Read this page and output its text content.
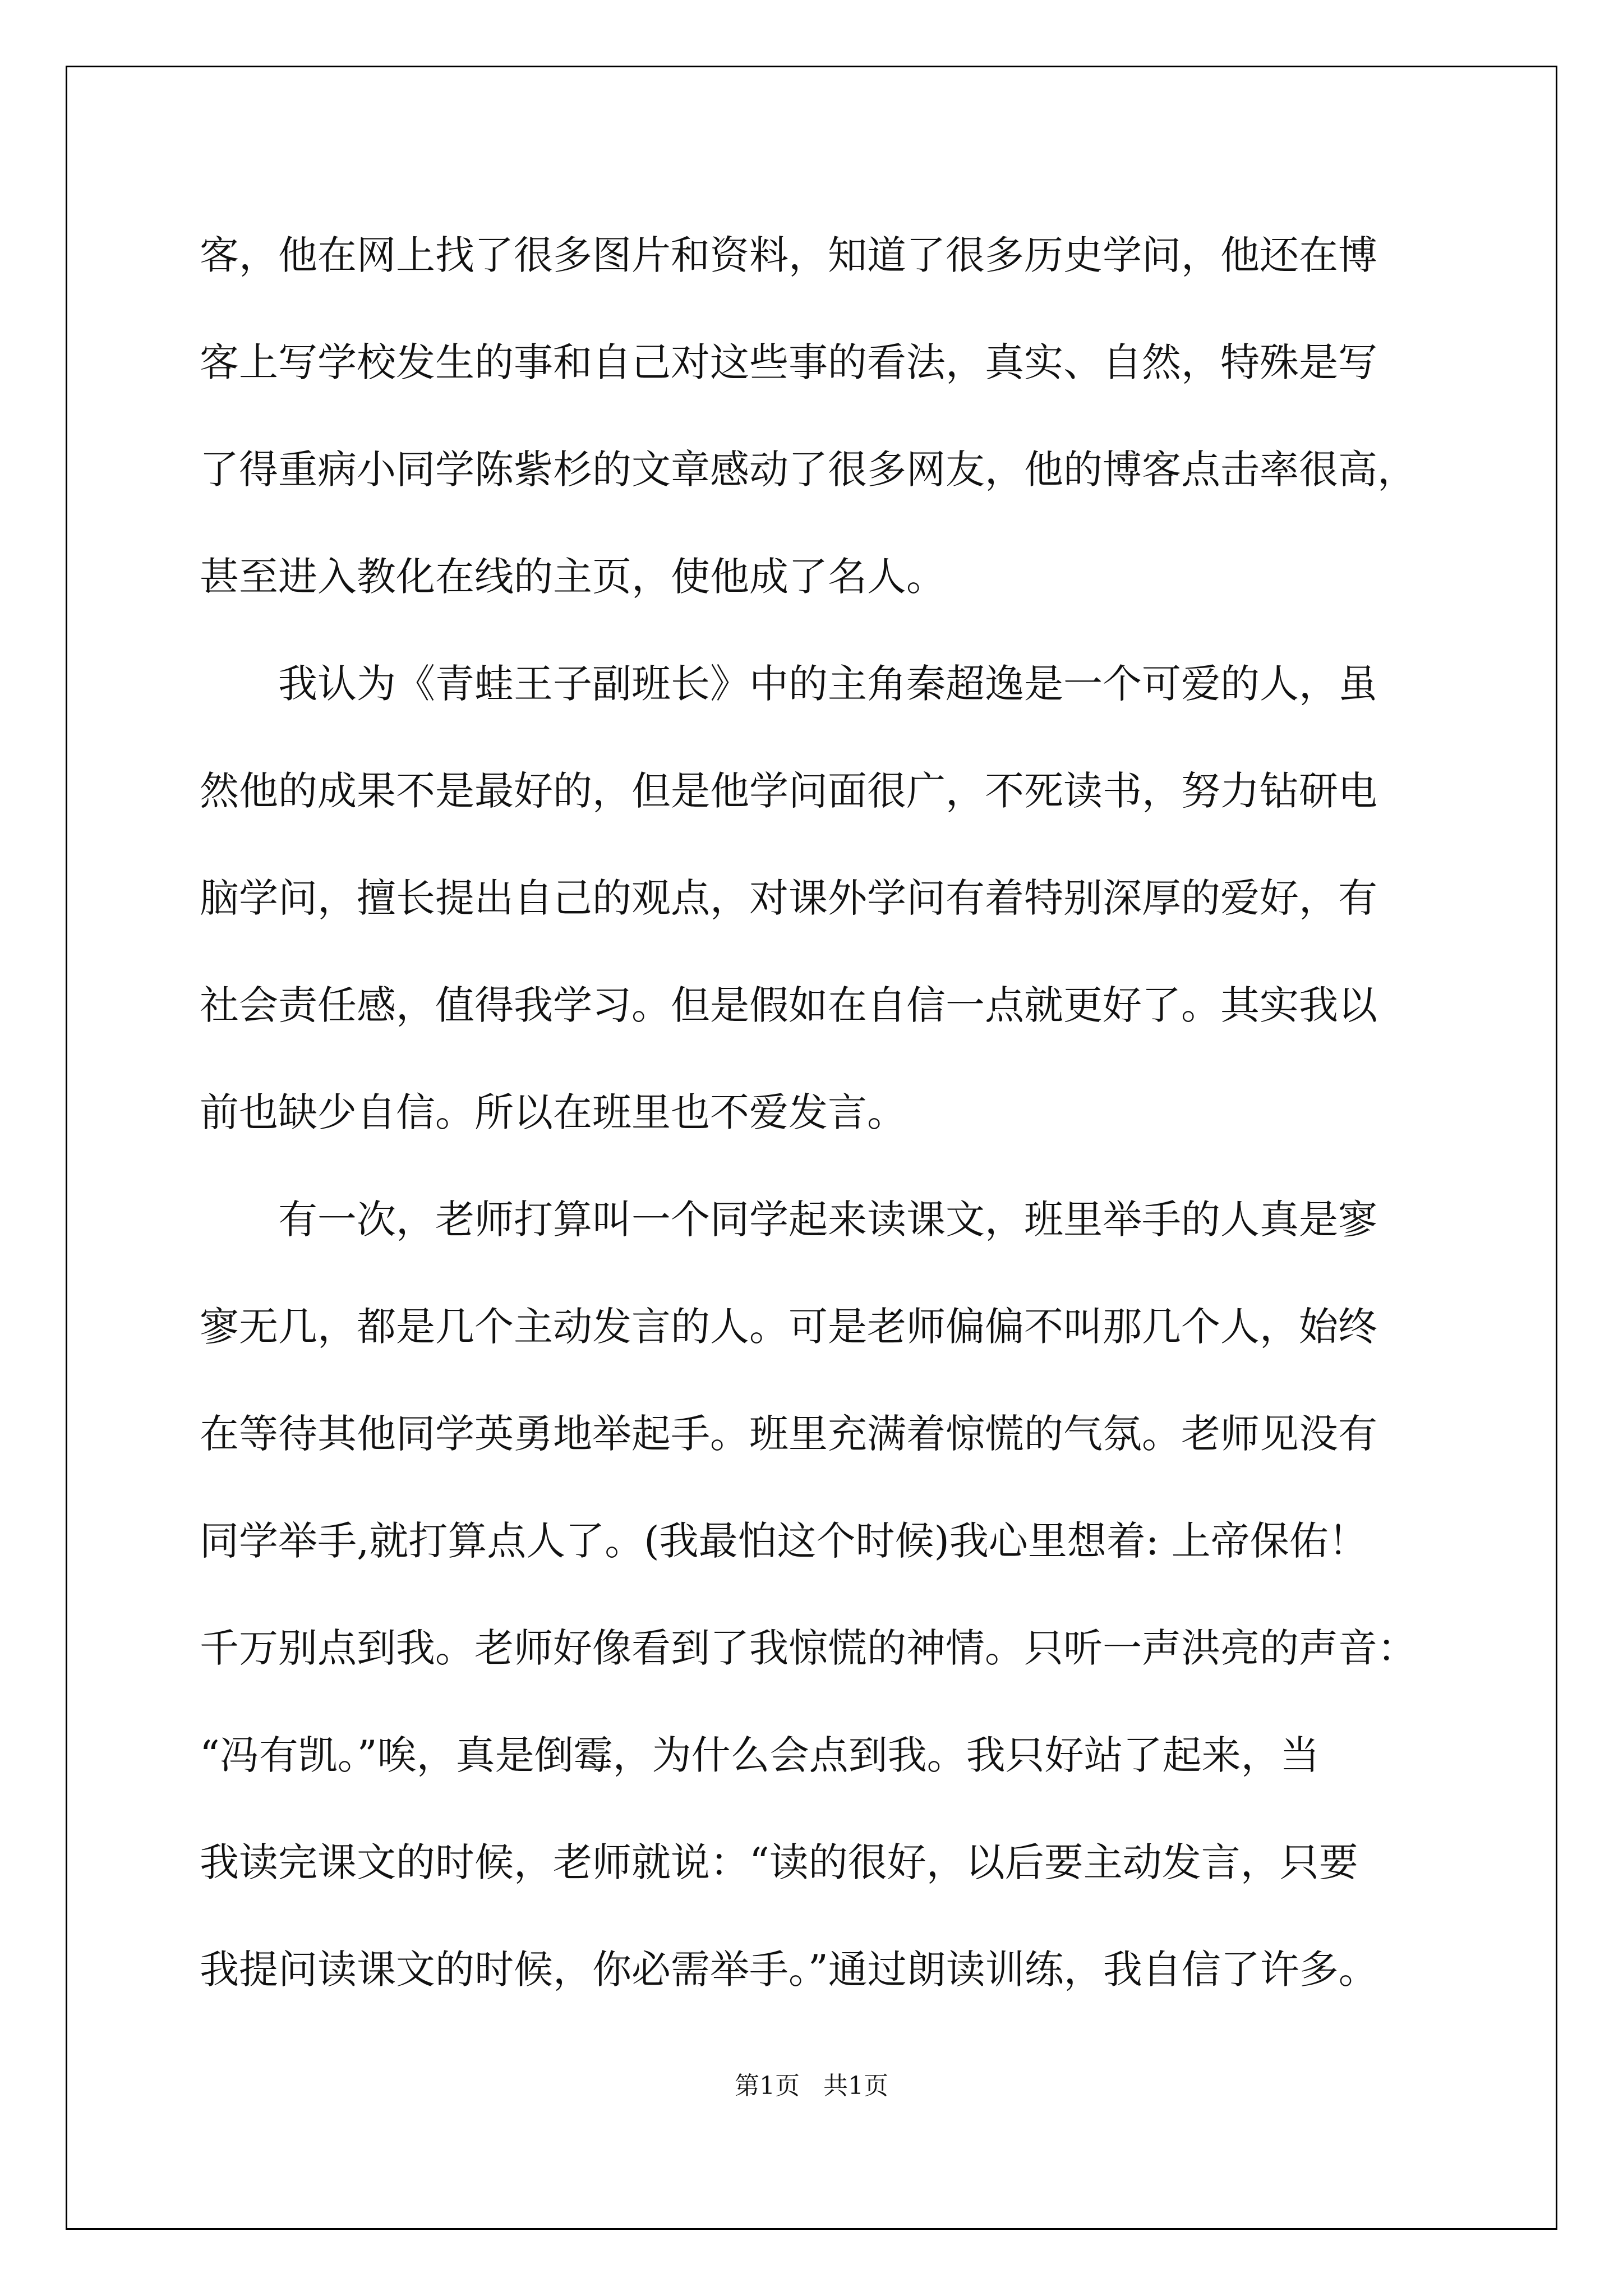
客，他在网上找了很多图片和资料，知道了很多历史学问，他还在博
客上写学校发生的事和自己对这些事的看法，真实、自然，特殊是写
了得重病小同学陈紫杉的文章感动了很多网友，他的博客点击率很高，
甚至进入教化在线的主页，使他成了名人。
我认为《青蛙王子副班长》中的主角秦超逸是一个可爱的人，虽
然他的成果不是最好的，但是他学问面很广，不死读书，努力钻研电
脑学问，擅长提出自己的观点，对课外学问有着特别深厚的爱好，有
社会责任感，值得我学习。但是假如在自信一点就更好了。其实我以
前也缺少自信。所以在班里也不爱发言。
有一次，老师打算叫一个同学起来读课文，班里举手的人真是寥
寥无几，都是几个主动发言的人。可是老师偏偏不叫那几个人，始终
在等待其他同学英勇地举起手。班里充满着惊慌的气氛。老师见没有
同学举手,就打算点人了。(我最怕这个时候)我心里想着: 上帝保佑！
千万别点到我。老师好像看到了我惊慌的神情。只听一声洪亮的声音：
“冯有凯。”唉，真是倒霉，为什么会点到我。我只好站了起来，当
我读完课文的时候，老师就说：“读的很好，以后要主动发言，只要
我提问读课文的时候，你必需举手。”通过朗读训练，我自信了许多。
第1页   共1页
